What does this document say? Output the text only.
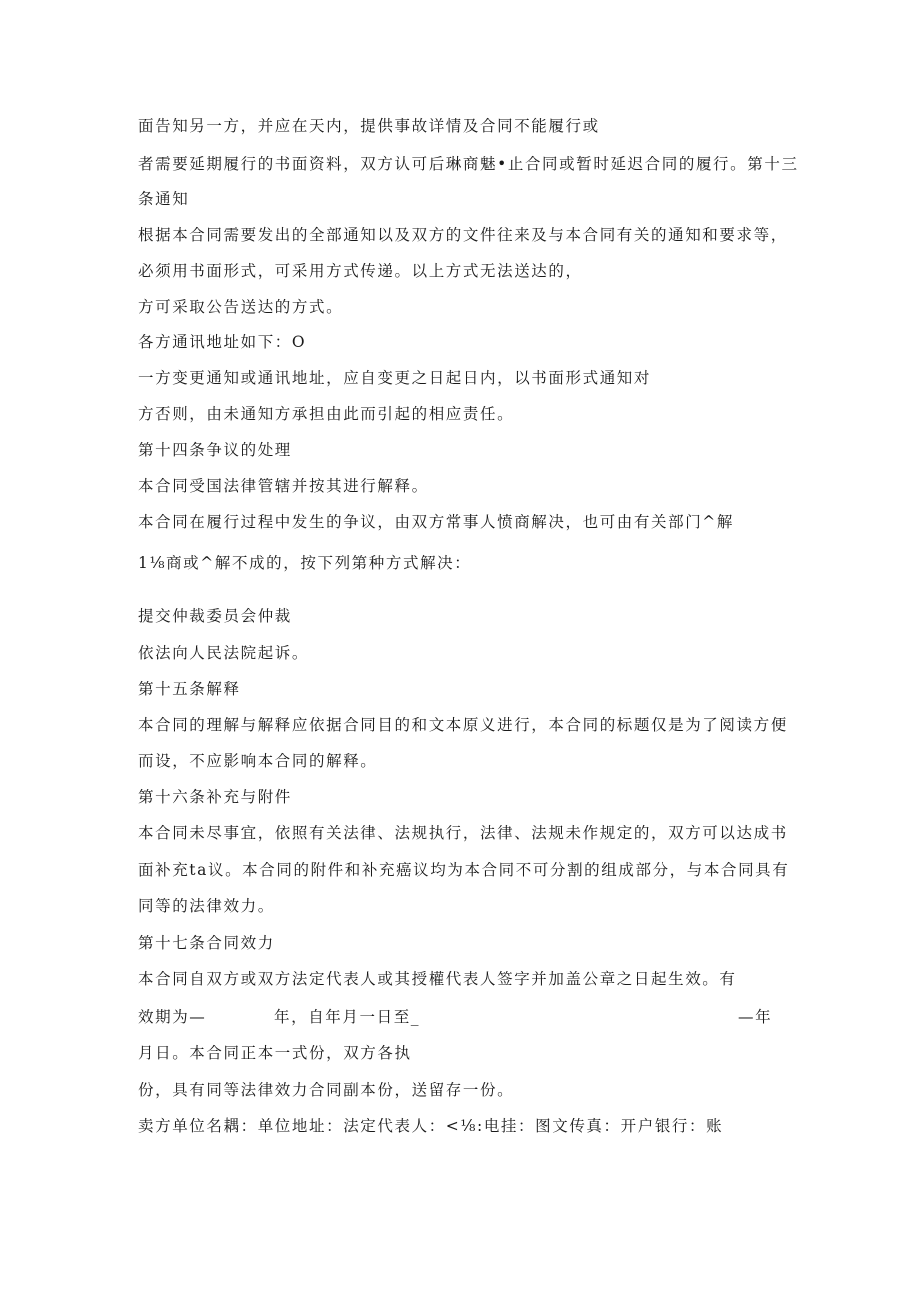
面告知另一方，并应在天内，提供事故详情及合同不能履行或
者需要延期履行的书面资料，双方认可后琳商魅•止合同或暂时延迟合同的履行。第十三
条通知
根据本合同需要发出的全部通知以及双方的文件往来及与本合同有关的通知和要求等，
必须用书面形式，可采用方式传递。以上方式无法送达的，
方可采取公告送达的方式。
各方通讯地址如下：O
一方变更通知或通讯地址，应自变更之日起日内，以书面形式通知对
方否则，由未通知方承担由此而引起的相应责任。
第十四条争议的处理
本合同受国法律管辖并按其进行解释。
本合同在履行过程中发生的争议，由双方常事人愤商解决，也可由有关部门^解
1⅛商或^解不成的，按下列第种方式解决：
提交仲裁委员会仲裁
依法向人民法院起诉。
第十五条解释
本合同的理解与解释应依据合同目的和文本原义进行，本合同的标题仅是为了阅读方便
而设，不应影响本合同的解释。
第十六条补充与附件
本合同未尽事宜，依照有关法律、法规执行，法律、法规未作规定的，双方可以达成书
面补充ta议。本合同的附件和补充癌议均为本合同不可分割的组成部分，与本合同具有
同等的法律效力。
第十七条合同效力
本合同自双方或双方法定代表人或其授權代表人签字并加盖公章之日起生效。有
效期为—	年，自年月一日至_	—年
月日。本合同正本一式份，双方各执
份，具有同等法律效力合同副本份，送留存一份。
卖方单位名耦：单位地址：法定代表人：<⅛:电挂：图文传真：开户银行：账
